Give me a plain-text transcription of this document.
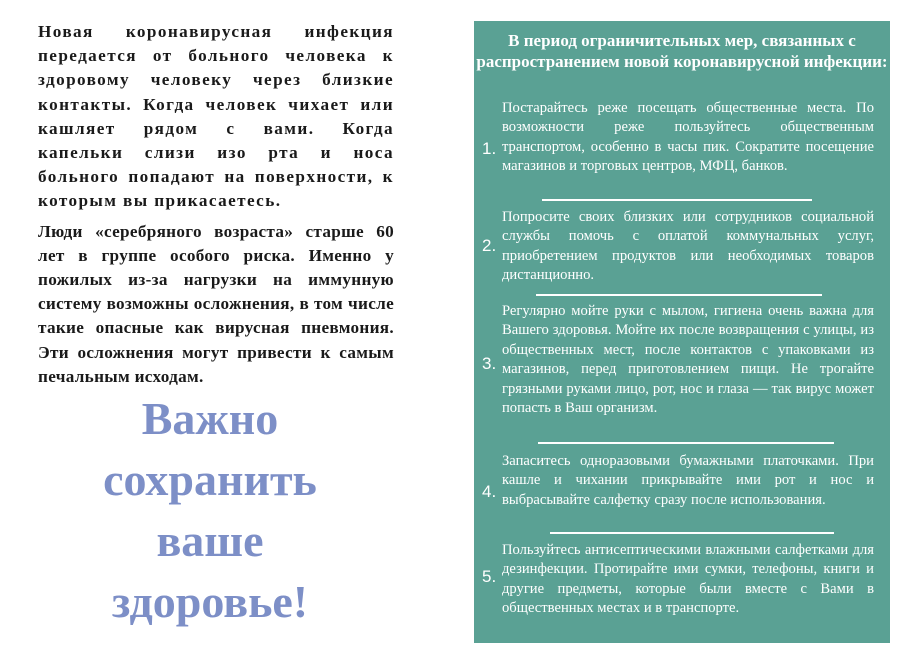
Новая коронавирусная инфекция передается от больного человека к здоровому человеку через близкие контакты. Когда человек чихает или кашляет рядом с вами. Когда капельки слизи изо рта и носа больного попадают на поверхности, к которым вы прикасаетесь.

Люди «серебряного возраста» старше 60 лет в группе особого риска. Именно у пожилых из-за нагрузки на иммунную систему возможны осложнения, в том числе такие опасные как вирусная пневмония. Эти осложнения могут привести к самым печальным исходам.

Важно
сохранить
ваше
здоровье!
В период ограничительных мер, связанных с распространением новой коронавирусной инфекции:
1.
Постарайтесь реже посещать общественные места. По возможности реже пользуйтесь общественным транспортом, особенно в часы пик. Сократите посещение магазинов и торговых центров, МФЦ, банков.
2.
Попросите своих близких или сотрудников социальной службы помочь с оплатой коммунальных услуг, приобретением продуктов или необходимых товаров дистанционно.
3.
Регулярно мойте руки с мылом, гигиена очень важна для Вашего здоровья. Мойте их после возвращения с улицы, из общественных мест, после контактов с упаковками из магазинов, перед приготовлением пищи. Не трогайте грязными руками лицо, рот, нос и глаза — так вирус может попасть в Ваш организм.
4.
Запаситесь одноразовыми бумажными платочками. При кашле и чихании прикрывайте ими рот и нос и выбрасывайте салфетку сразу после использования.
5.
Пользуйтесь антисептическими влажными салфетками для дезинфекции. Протирайте ими сумки, телефоны, книги и другие предметы, которые были вместе с Вами в общественных местах и в транспорте.
